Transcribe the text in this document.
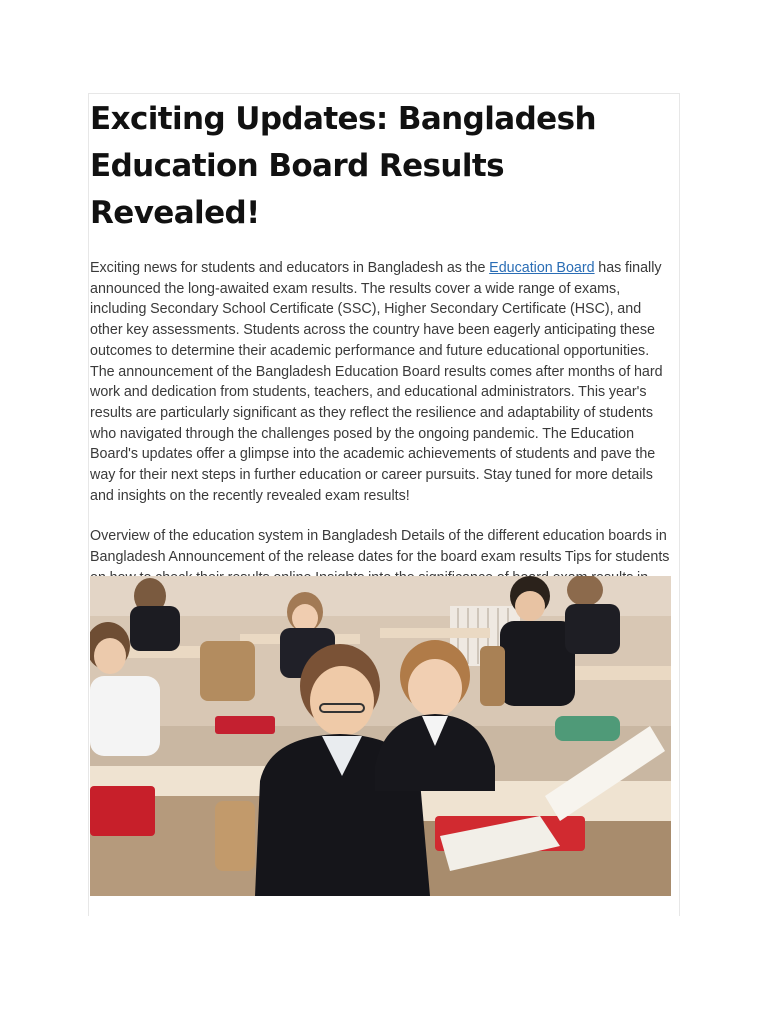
Exciting Updates: Bangladesh Education Board Results Revealed!

Exciting news for students and educators in Bangladesh as the Education Board has finally announced the long-awaited exam results. The results cover a wide range of exams, including Secondary School Certificate (SSC), Higher Secondary Certificate (HSC), and other key assessments. Students across the country have been eagerly anticipating these outcomes to determine their academic performance and future educational opportunities. The announcement of the Bangladesh Education Board results comes after months of hard work and dedication from students, teachers, and educational administrators. This year's results are particularly significant as they reflect the resilience and adaptability of students who navigated through the challenges posed by the ongoing pandemic. The Education Board's updates offer a glimpse into the academic achievements of students and pave the way for their next steps in further education or career pursuits. Stay tuned for more details and insights on the recently revealed exam results!

Overview of the education system in Bangladesh Details of the different education boards in Bangladesh Announcement of the release dates for the board exam results Tips for students
